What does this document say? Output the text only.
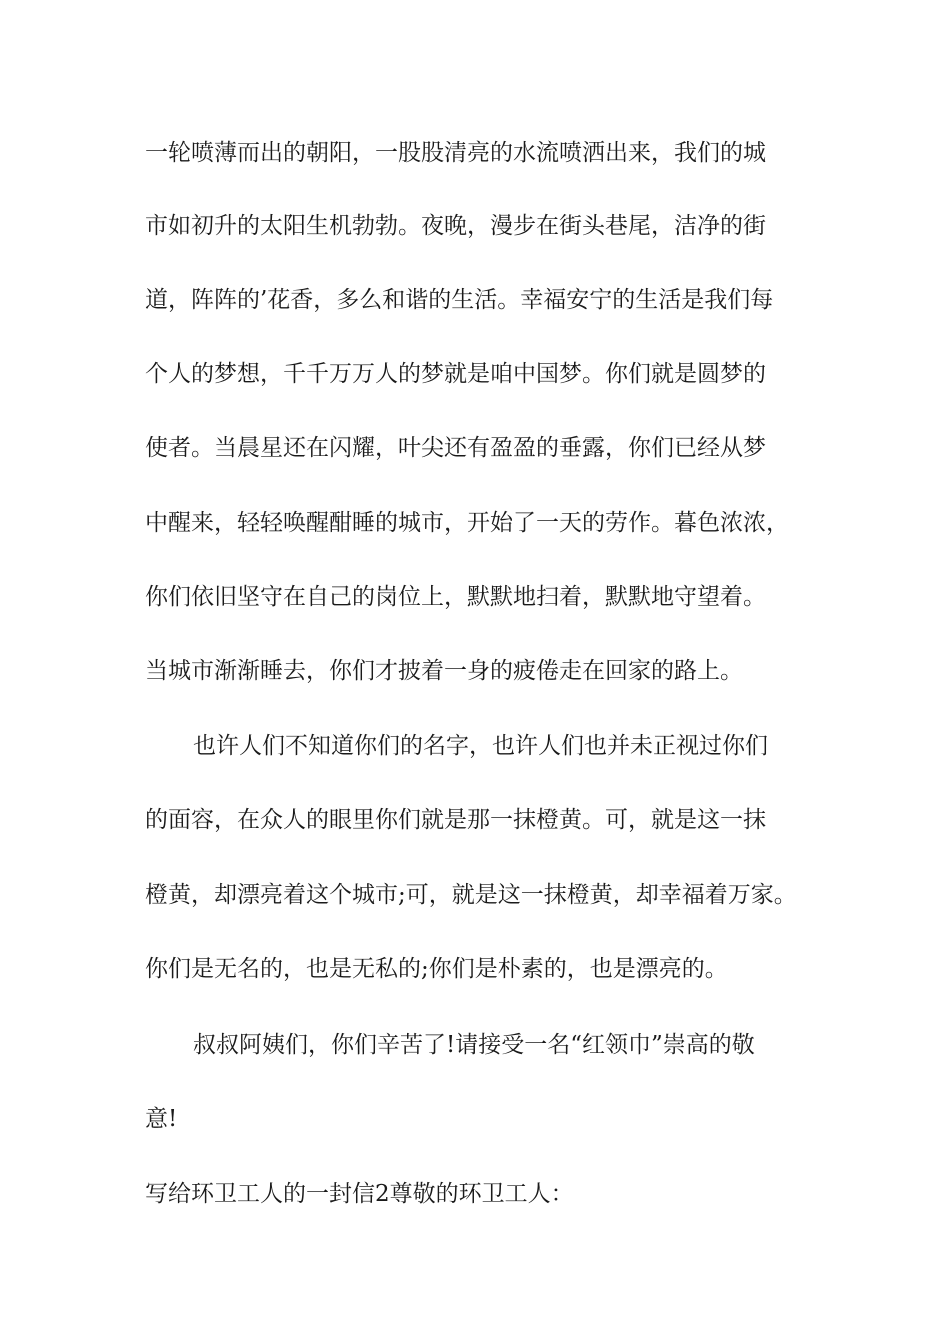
一轮喷薄而出的朝阳，一股股清亮的水流喷洒出来，我们的城
市如初升的太阳生机勃勃。夜晚，漫步在街头巷尾，洁净的街
道，阵阵的’花香，多么和谐的生活。幸福安宁的生活是我们每
个人的梦想，千千万万人的梦就是咱中国梦。你们就是圆梦的
使者。当晨星还在闪耀，叶尖还有盈盈的垂露，你们已经从梦
中醒来，轻轻唤醒酣睡的城市，开始了一天的劳作。暮色浓浓，
你们依旧坚守在自己的岗位上，默默地扫着，默默地守望着。
当城市渐渐睡去，你们才披着一身的疲倦走在回家的路上。
也许人们不知道你们的名字，也许人们也并未正视过你们
的面容，在众人的眼里你们就是那一抹橙黄。可，就是这一抹
橙黄，却漂亮着这个城市;可，就是这一抹橙黄，却幸福着万家。
你们是无名的，也是无私的;你们是朴素的，也是漂亮的。
叔叔阿姨们，你们辛苦了!请接受一名“红领巾”崇高的敬
意!
写给环卫工人的一封信2尊敬的环卫工人：
